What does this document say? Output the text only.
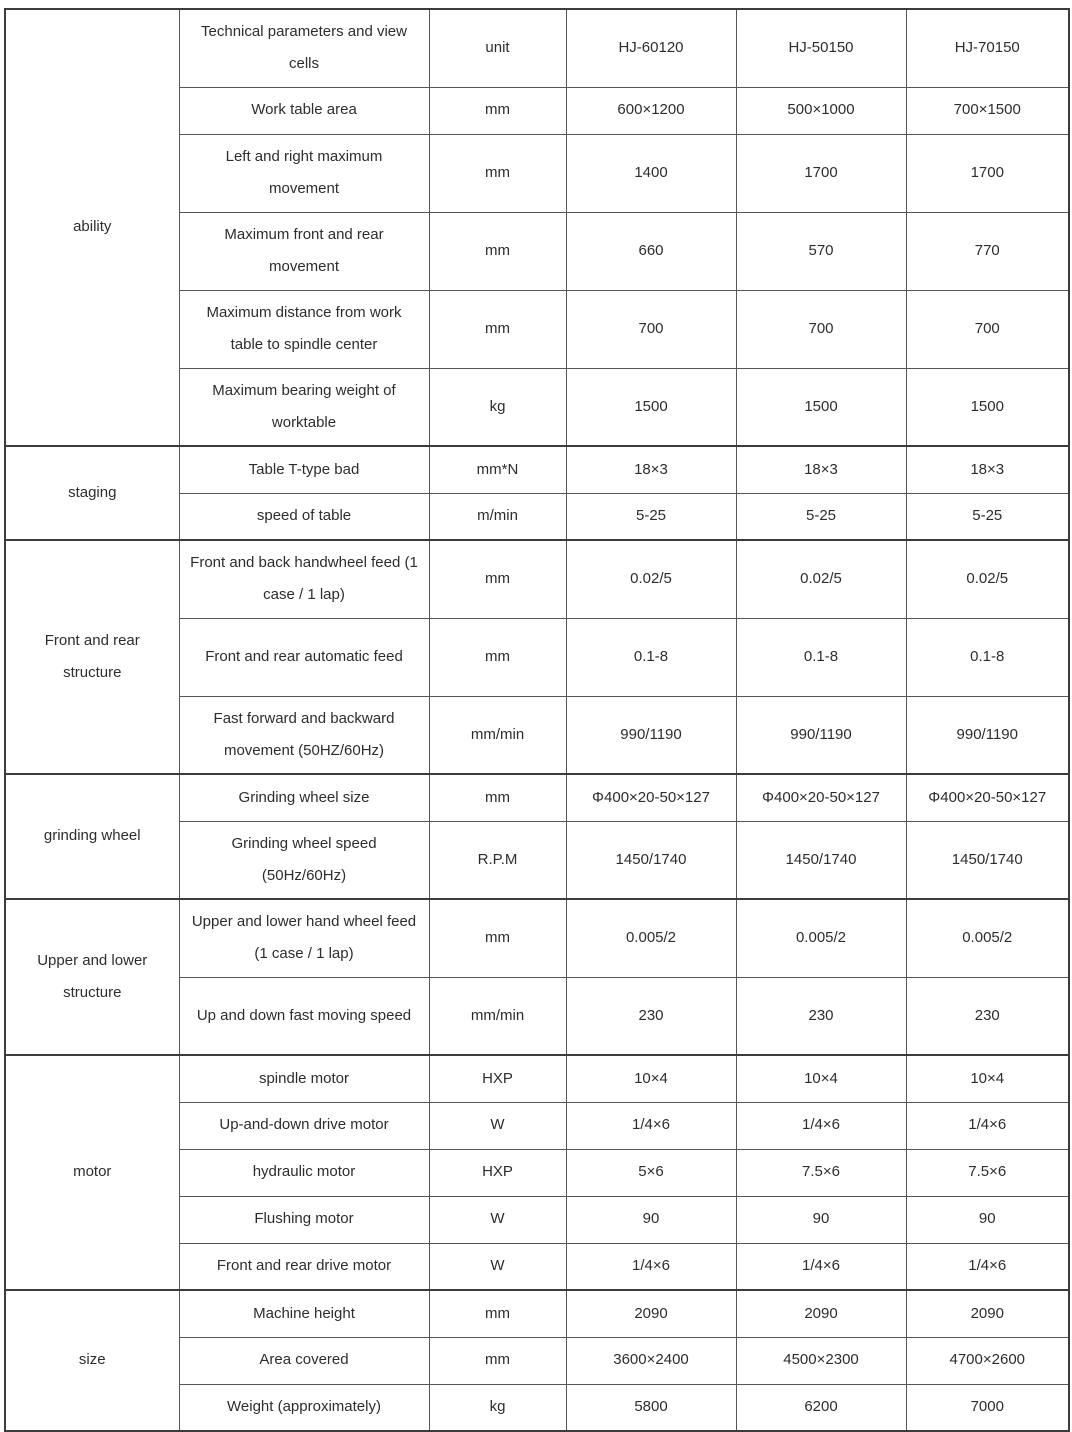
ability	Technical parameters and view cells	unit	HJ-60120	HJ-50150	HJ-70150
	Work table area	mm	600×1200	500×1000	700×1500
	Left and right maximum movement	mm	1400	1700	1700
	Maximum front and rear movement	mm	660	570	770
	Maximum distance from work table to spindle center	mm	700	700	700
	Maximum bearing weight of worktable	kg	1500	1500	1500
staging	Table T-type bad	mm*N	18×3	18×3	18×3
	speed of table	m/min	5-25	5-25	5-25
Front and rear structure	Front and back handwheel feed (1 case / 1 lap)	mm	0.02/5	0.02/5	0.02/5
	Front and rear automatic feed	mm	0.1-8	0.1-8	0.1-8
	Fast forward and backward movement (50HZ/60Hz)	mm/min	990/1190	990/1190	990/1190
grinding wheel	Grinding wheel size	mm	Φ400×20-50×127	Φ400×20-50×127	Φ400×20-50×127
	Grinding wheel speed (50Hz/60Hz)	R.P.M	1450/1740	1450/1740	1450/1740
Upper and lower structure	Upper and lower hand wheel feed (1 case / 1 lap)	mm	0.005/2	0.005/2	0.005/2
	Up and down fast moving speed	mm/min	230	230	230
motor	spindle motor	HXP	10×4	10×4	10×4
	Up-and-down drive motor	W	1/4×6	1/4×6	1/4×6
	hydraulic motor	HXP	5×6	7.5×6	7.5×6
	Flushing motor	W	90	90	90
	Front and rear drive motor	W	1/4×6	1/4×6	1/4×6
size	Machine height	mm	2090	2090	2090
	Area covered	mm	3600×2400	4500×2300	4700×2600
	Weight (approximately)	kg	5800	6200	7000
